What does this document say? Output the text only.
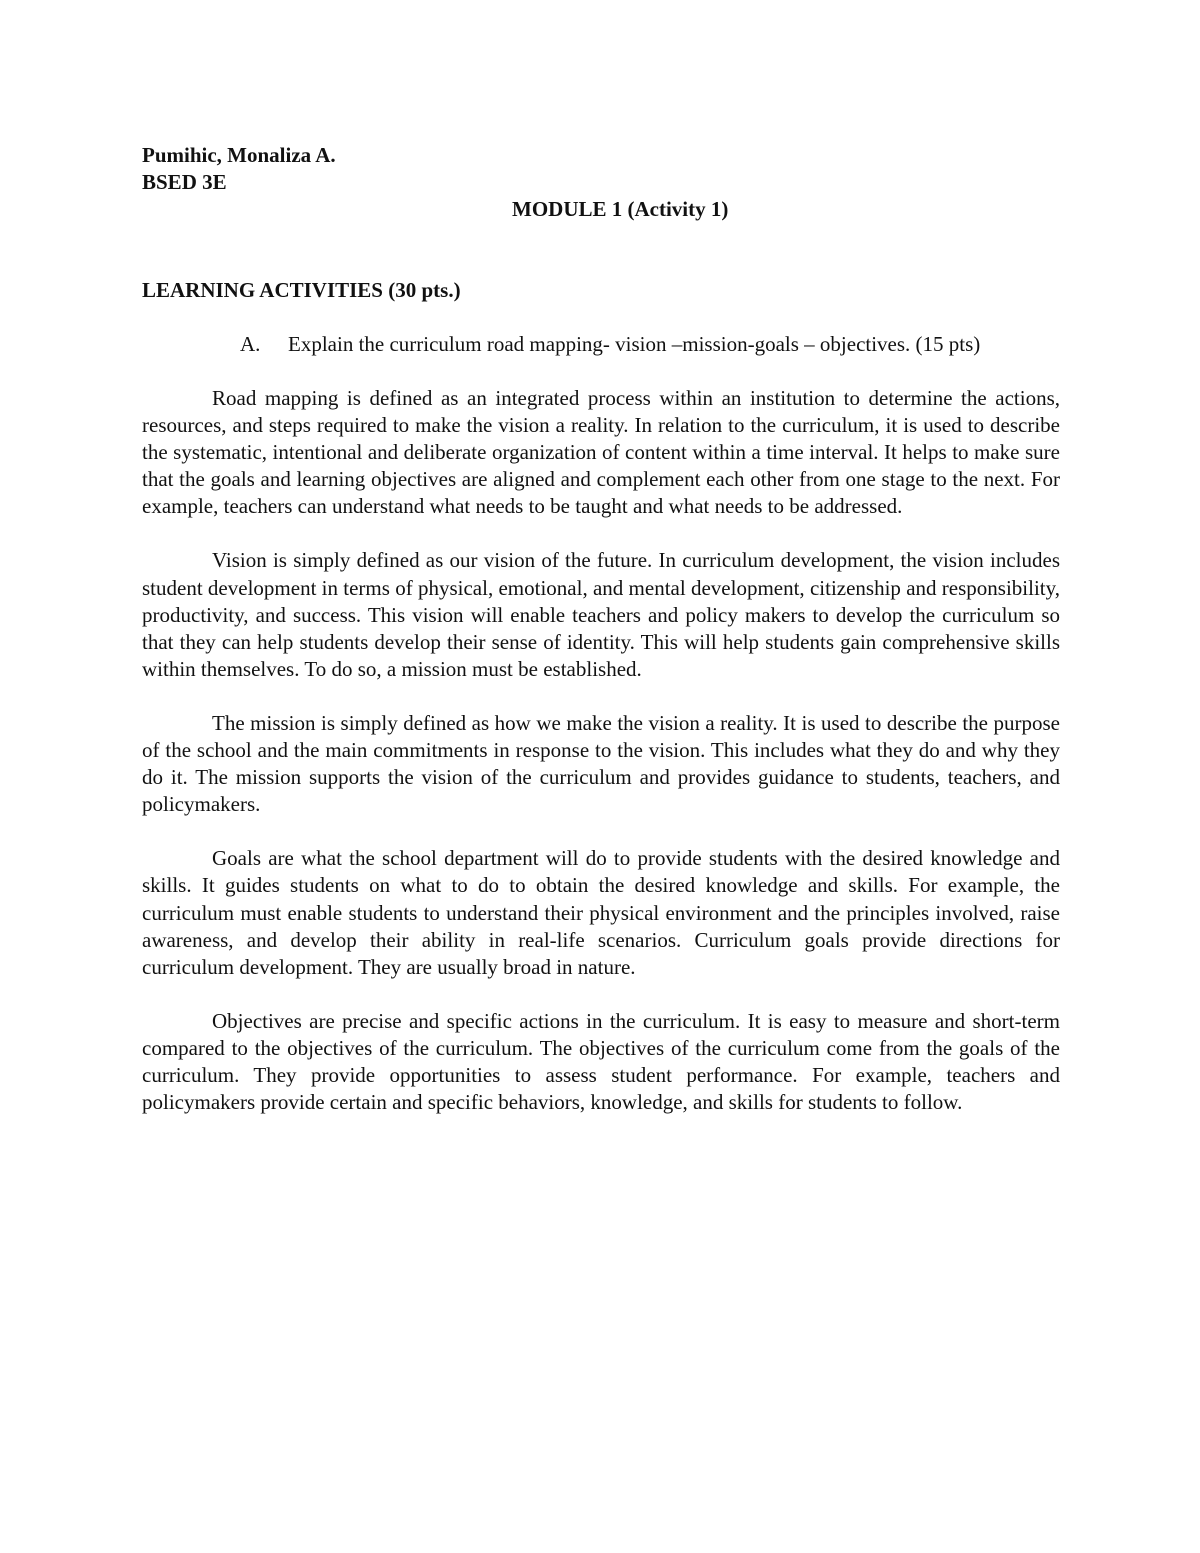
Pumihic, Monaliza A.
BSED 3E
MODULE 1 (Activity 1)
LEARNING ACTIVITIES (30 pts.)
A. Explain the curriculum road mapping- vision –mission-goals – objectives. (15 pts)

Road mapping is defined as an integrated process within an institution to determine the actions, resources, and steps required to make the vision a reality. In relation to the curriculum, it is used to describe the systematic, intentional and deliberate organization of content within a time interval. It helps to make sure that the goals and learning objectives are aligned and complement each other from one stage to the next. For example, teachers can understand what needs to be taught and what needs to be addressed.

Vision is simply defined as our vision of the future. In curriculum development, the vision includes student development in terms of physical, emotional, and mental development, citizenship and responsibility, productivity, and success. This vision will enable teachers and policy makers to develop the curriculum so that they can help students develop their sense of identity. This will help students gain comprehensive skills within themselves. To do so, a mission must be established.

The mission is simply defined as how we make the vision a reality. It is used to describe the purpose of the school and the main commitments in response to the vision. This includes what they do and why they do it. The mission supports the vision of the curriculum and provides guidance to students, teachers, and policymakers.

Goals are what the school department will do to provide students with the desired knowledge and skills. It guides students on what to do to obtain the desired knowledge and skills. For example, the curriculum must enable students to understand their physical environment and the principles involved, raise awareness, and develop their ability in real-life scenarios. Curriculum goals provide directions for curriculum development. They are usually broad in nature.

Objectives are precise and specific actions in the curriculum. It is easy to measure and short-term compared to the objectives of the curriculum. The objectives of the curriculum come from the goals of the curriculum. They provide opportunities to assess student performance. For example, teachers and policymakers provide certain and specific behaviors, knowledge, and skills for students to follow.
